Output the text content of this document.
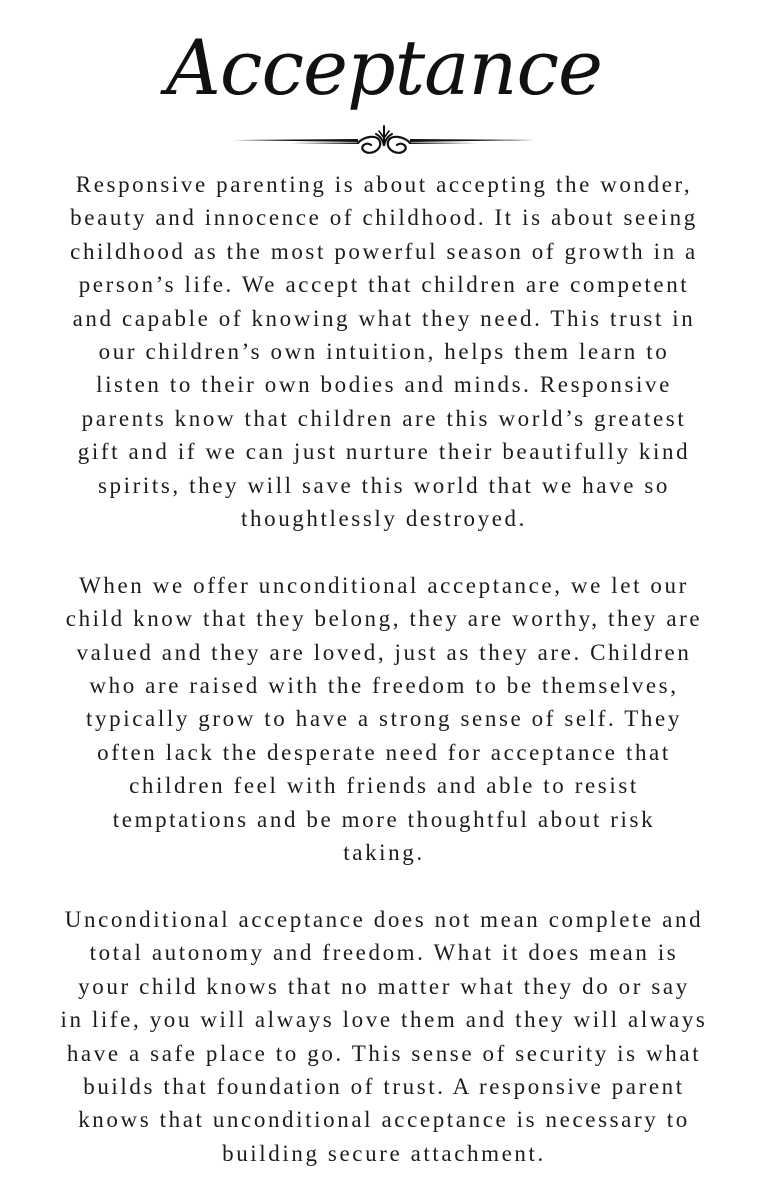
Acceptance

Responsive parenting is about accepting the wonder,
beauty and innocence of childhood. It is about seeing
childhood as the most powerful season of growth in a
person’s life. We accept that children are competent
and capable of knowing what they need. This trust in
our children’s own intuition, helps them learn to
listen to their own bodies and minds. Responsive
parents know that children are this world’s greatest
gift and if we can just nurture their beautifully kind
spirits, they will save this world that we have so
thoughtlessly destroyed.

When we offer unconditional acceptance, we let our
child know that they belong, they are worthy, they are
valued and they are loved, just as they are. Children
who are raised with the freedom to be themselves,
typically grow to have a strong sense of self. They
often lack the desperate need for acceptance that
children feel with friends and able to resist
temptations and be more thoughtful about risk
taking.

Unconditional acceptance does not mean complete and
total autonomy and freedom. What it does mean is
your child knows that no matter what they do or say
in life, you will always love them and they will always
have a safe place to go. This sense of security is what
builds that foundation of trust. A responsive parent
knows that unconditional acceptance is necessary to
building secure attachment.
